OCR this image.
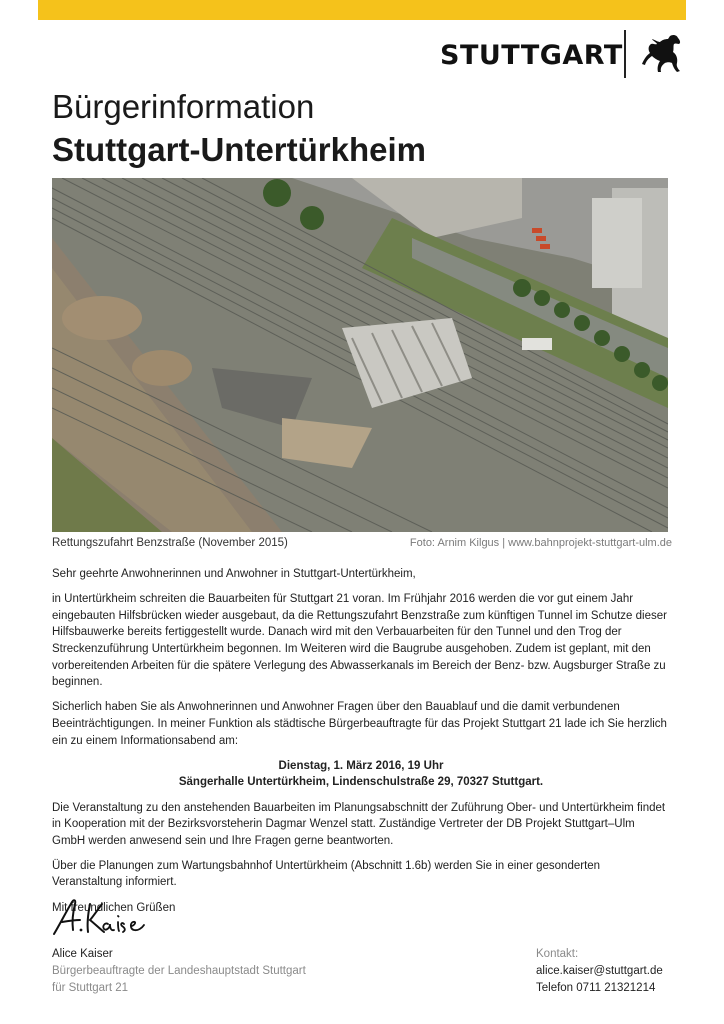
STUTTGART
Bürgerinformation
Stuttgart-Untertürkheim
Rettungszufahrt Benzstraße (November 2015)	Foto: Arnim Kilgus | www.bahnprojekt-stuttgart-ulm.de

Sehr geehrte Anwohnerinnen und Anwohner in Stuttgart-Untertürkheim,

in Untertürkheim schreiten die Bauarbeiten für Stuttgart 21 voran. Im Frühjahr 2016 werden die vor gut einem Jahr eingebauten Hilfsbrücken wieder ausgebaut, da die Rettungszufahrt Benzstraße zum künftigen Tunnel im Schutze dieser Hilfsbauwerke bereits fertiggestellt wurde. Danach wird mit den Verbauarbeiten für den Tunnel und den Trog der Streckenzuführung Untertürkheim begonnen. Im Weiteren wird die Baugrube ausgehoben. Zudem ist geplant, mit den vorbereitenden Arbeiten für die spätere Verlegung des Abwasserkanals im Bereich der Benz- bzw. Augsburger Straße zu beginnen.

Sicherlich haben Sie als Anwohnerinnen und Anwohner Fragen über den Bauablauf und die damit verbundenen Beeinträchtigungen. In meiner Funktion als städtische Bürgerbeauftragte für das Projekt Stuttgart 21 lade ich Sie herzlich ein zu einem Informationsabend am:

Dienstag, 1. März 2016, 19 Uhr
Sängerhalle Untertürkheim, Lindenschulstraße 29, 70327 Stuttgart.

Die Veranstaltung zu den anstehenden Bauarbeiten im Planungsabschnitt der Zuführung Ober- und Untertürkheim findet in Kooperation mit der Bezirksvorsteherin Dagmar Wenzel statt. Zuständige Vertreter der DB Projekt Stuttgart–Ulm GmbH werden anwesend sein und Ihre Fragen gerne beantworten.

Über die Planungen zum Wartungsbahnhof Untertürkheim (Abschnitt 1.6b) werden Sie in einer gesonderten Veranstaltung informiert.

Mit freundlichen Grüßen

Alice Kaiser
Bürgerbeauftragte der Landeshauptstadt Stuttgart
für Stuttgart 21
Kontakt:
alice.kaiser@stuttgart.de
Telefon 0711 21321214
